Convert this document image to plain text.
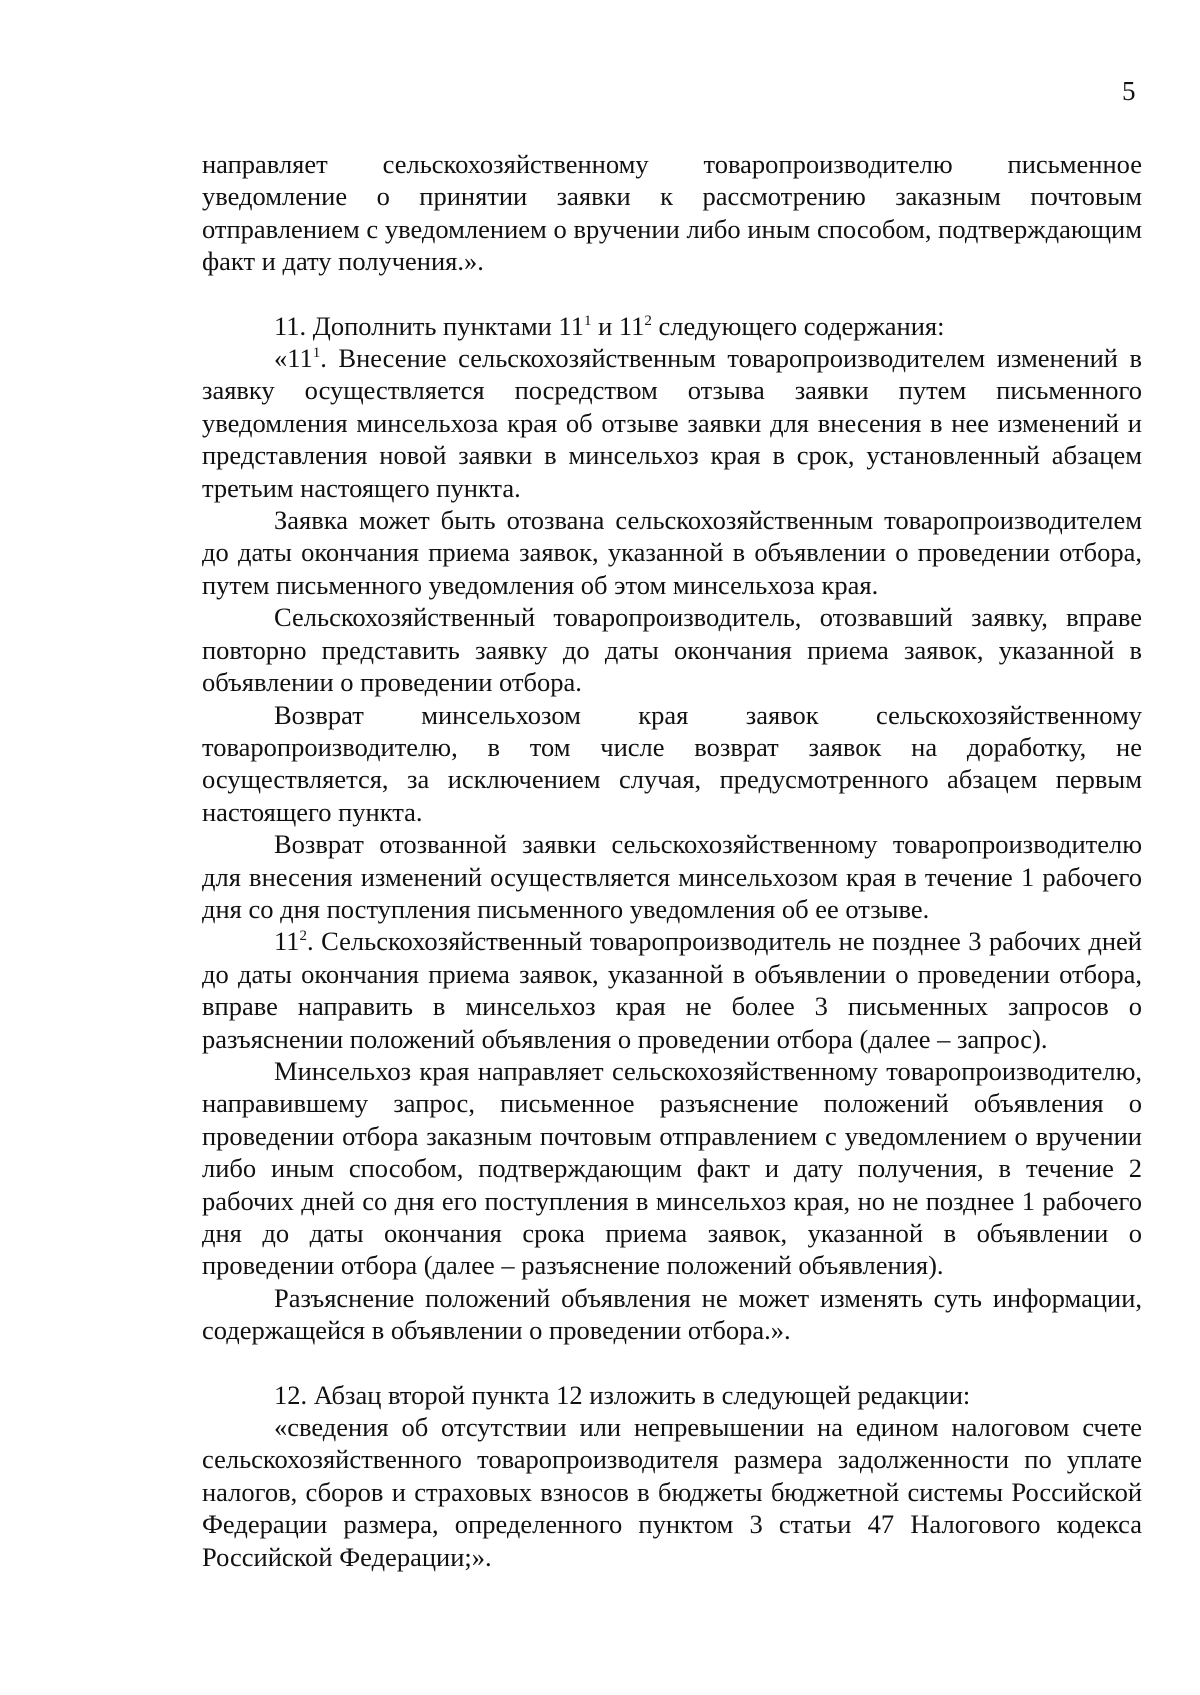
5

направляет сельскохозяйственному товаропроизводителю письменное уведомление о принятии заявки к рассмотрению заказным почтовым отправлением с уведомлением о вручении либо иным способом, подтверждающим факт и дату получения.».

11. Дополнить пунктами $11^1$ и $11^2$ следующего содержания:

«$11^1$. Внесение сельскохозяйственным товаропроизводителем изменений в заявку осуществляется посредством отзыва заявки путем письменного уведомления минсельхоза края об отзыве заявки для внесения в нее изменений и представления новой заявки в минсельхоз края в срок, установленный абзацем третьим настоящего пункта.

Заявка может быть отозвана сельскохозяйственным товаропроизводителем до даты окончания приема заявок, указанной в объявлении о проведении отбора, путем письменного уведомления об этом минсельхоза края.

Сельскохозяйственный товаропроизводитель, отозвавший заявку, вправе повторно представить заявку до даты окончания приема заявок, указанной в объявлении о проведении отбора.

Возврат минсельхозом края заявок сельскохозяйственному товаропроизводителю, в том числе возврат заявок на доработку, не осуществляется, за исключением случая, предусмотренного абзацем первым настоящего пункта.

Возврат отозванной заявки сельскохозяйственному товаропроизводителю для внесения изменений осуществляется минсельхозом края в течение 1 рабочего дня со дня поступления письменного уведомления об ее отзыве.

$11^2$. Сельскохозяйственный товаропроизводитель не позднее 3 рабочих дней до даты окончания приема заявок, указанной в объявлении о проведении отбора, вправе направить в минсельхоз края не более 3 письменных запросов о разъяснении положений объявления о проведении отбора (далее – запрос).

Минсельхоз края направляет сельскохозяйственному товаропроизводителю, направившему запрос, письменное разъяснение положений объявления о проведении отбора заказным почтовым отправлением с уведомлением о вручении либо иным способом, подтверждающим факт и дату получения, в течение 2 рабочих дней со дня его поступления в минсельхоз края, но не позднее 1 рабочего дня до даты окончания срока приема заявок, указанной в объявлении о проведении отбора (далее – разъяснение положений объявления).

Разъяснение положений объявления не может изменять суть информации, содержащейся в объявлении о проведении отбора.».

12. Абзац второй пункта 12 изложить в следующей редакции:

«сведения об отсутствии или непревышении на едином налоговом счете сельскохозяйственного товаропроизводителя размера задолженности по уплате налогов, сборов и страховых взносов в бюджеты бюджетной системы Российской Федерации размера, определенного пунктом 3 статьи 47 Налогового кодекса Российской Федерации;».
